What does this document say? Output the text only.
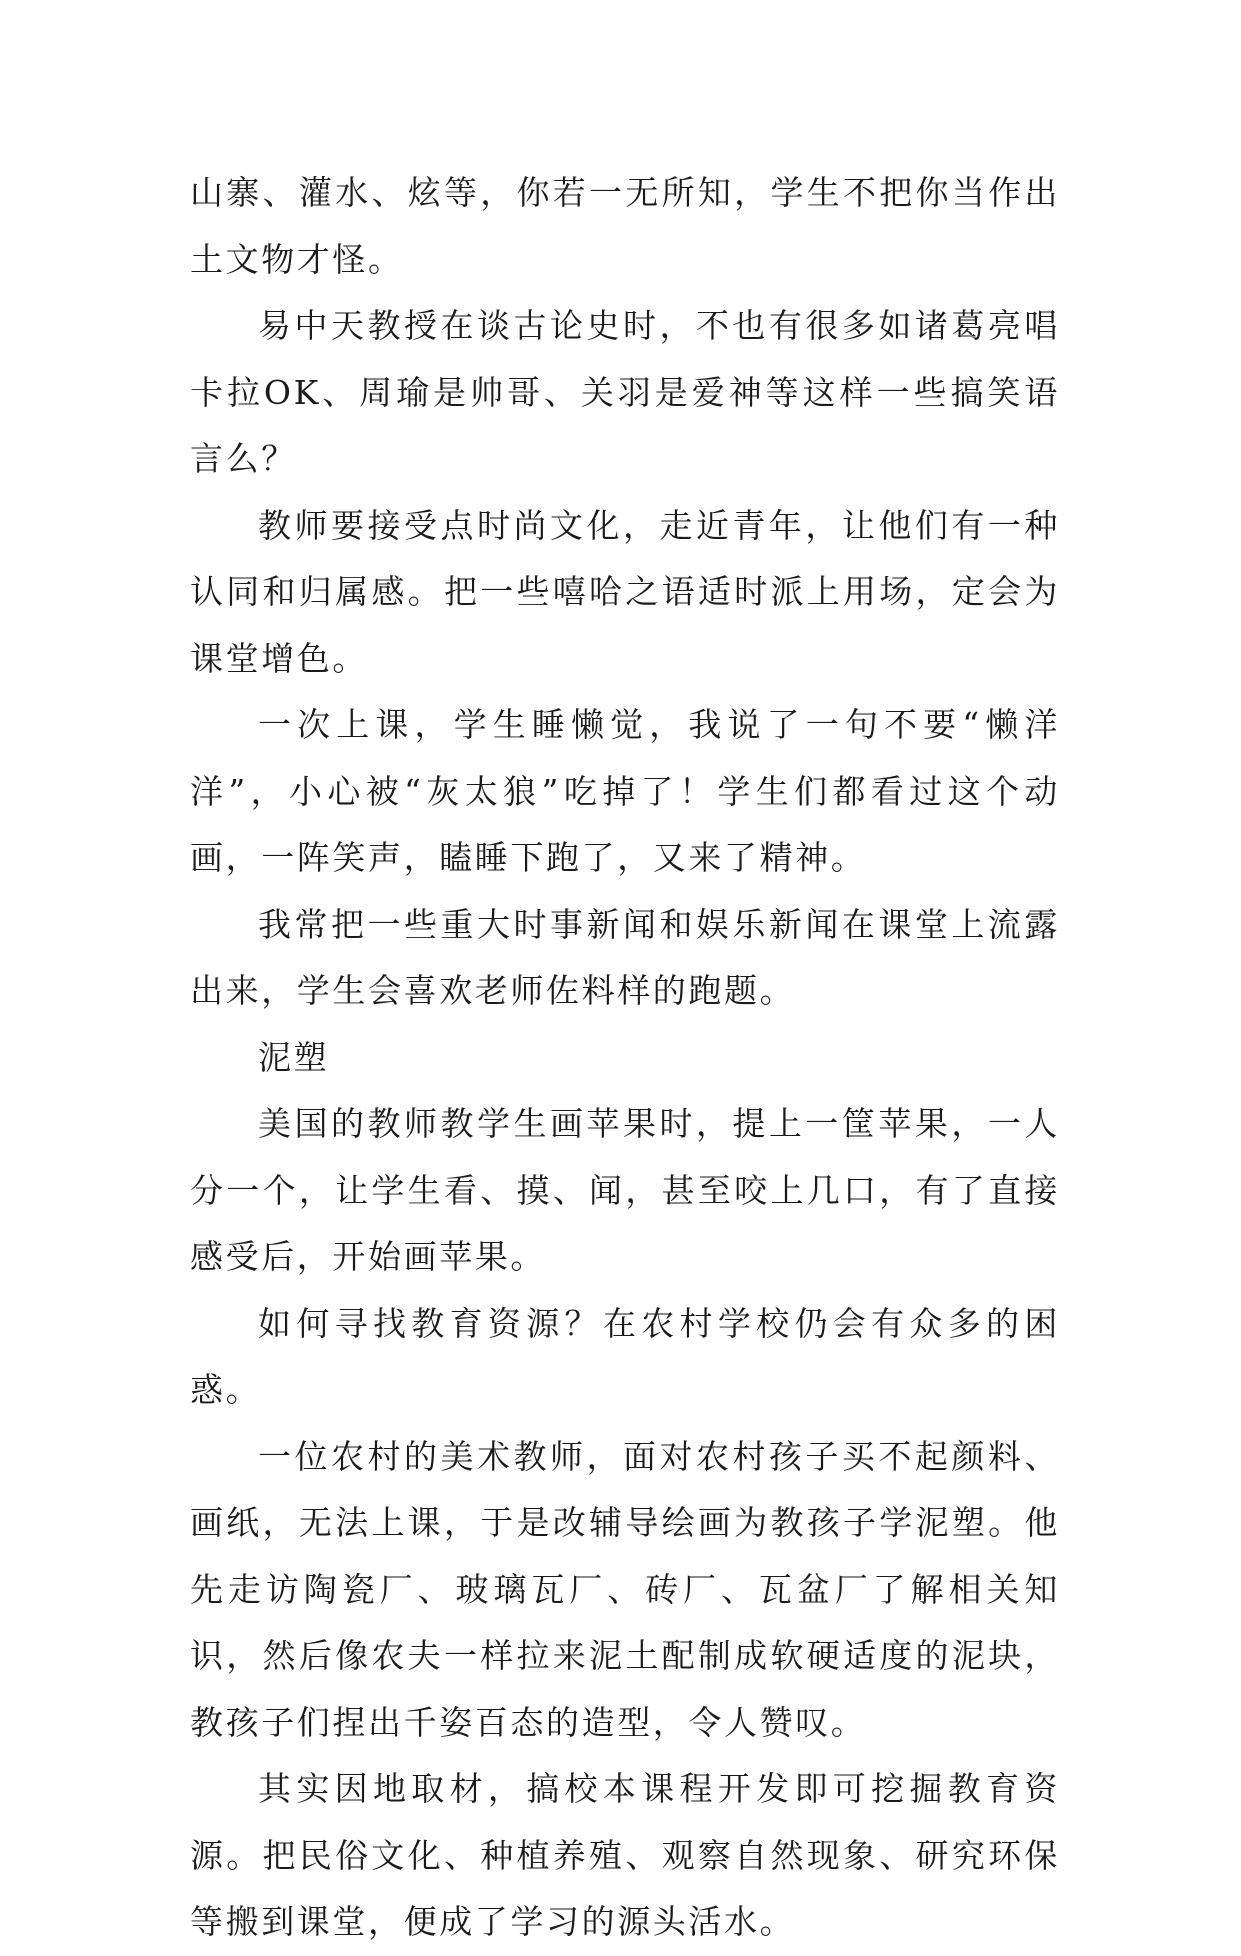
山寨、灌水、炫等，你若一无所知，学生不把你当作出土文物才怪。

易中天教授在谈古论史时，不也有很多如诸葛亮唱卡拉OK、周瑜是帅哥、关羽是爱神等这样一些搞笑语言么？

教师要接受点时尚文化，走近青年，让他们有一种认同和归属感。把一些嘻哈之语适时派上用场，定会为课堂增色。

一次上课，学生睡懒觉，我说了一句不要“懒洋洋”，小心被“灰太狼”吃掉了！学生们都看过这个动画，一阵笑声，瞌睡下跑了，又来了精神。

我常把一些重大时事新闻和娱乐新闻在课堂上流露出来，学生会喜欢老师佐料样的跑题。

泥塑

美国的教师教学生画苹果时，提上一筐苹果，一人分一个，让学生看、摸、闻，甚至咬上几口，有了直接感受后，开始画苹果。

如何寻找教育资源？在农村学校仍会有众多的困惑。

一位农村的美术教师，面对农村孩子买不起颜料、画纸，无法上课，于是改辅导绘画为教孩子学泥塑。他先走访陶瓷厂、玻璃瓦厂、砖厂、瓦盆厂了解相关知识，然后像农夫一样拉来泥土配制成软硬适度的泥块，教孩子们捏出千姿百态的造型，令人赞叹。

其实因地取材，搞校本课程开发即可挖掘教育资源。把民俗文化、种植养殖、观察自然现象、研究环保等搬到课堂，便成了学习的源头活水。
